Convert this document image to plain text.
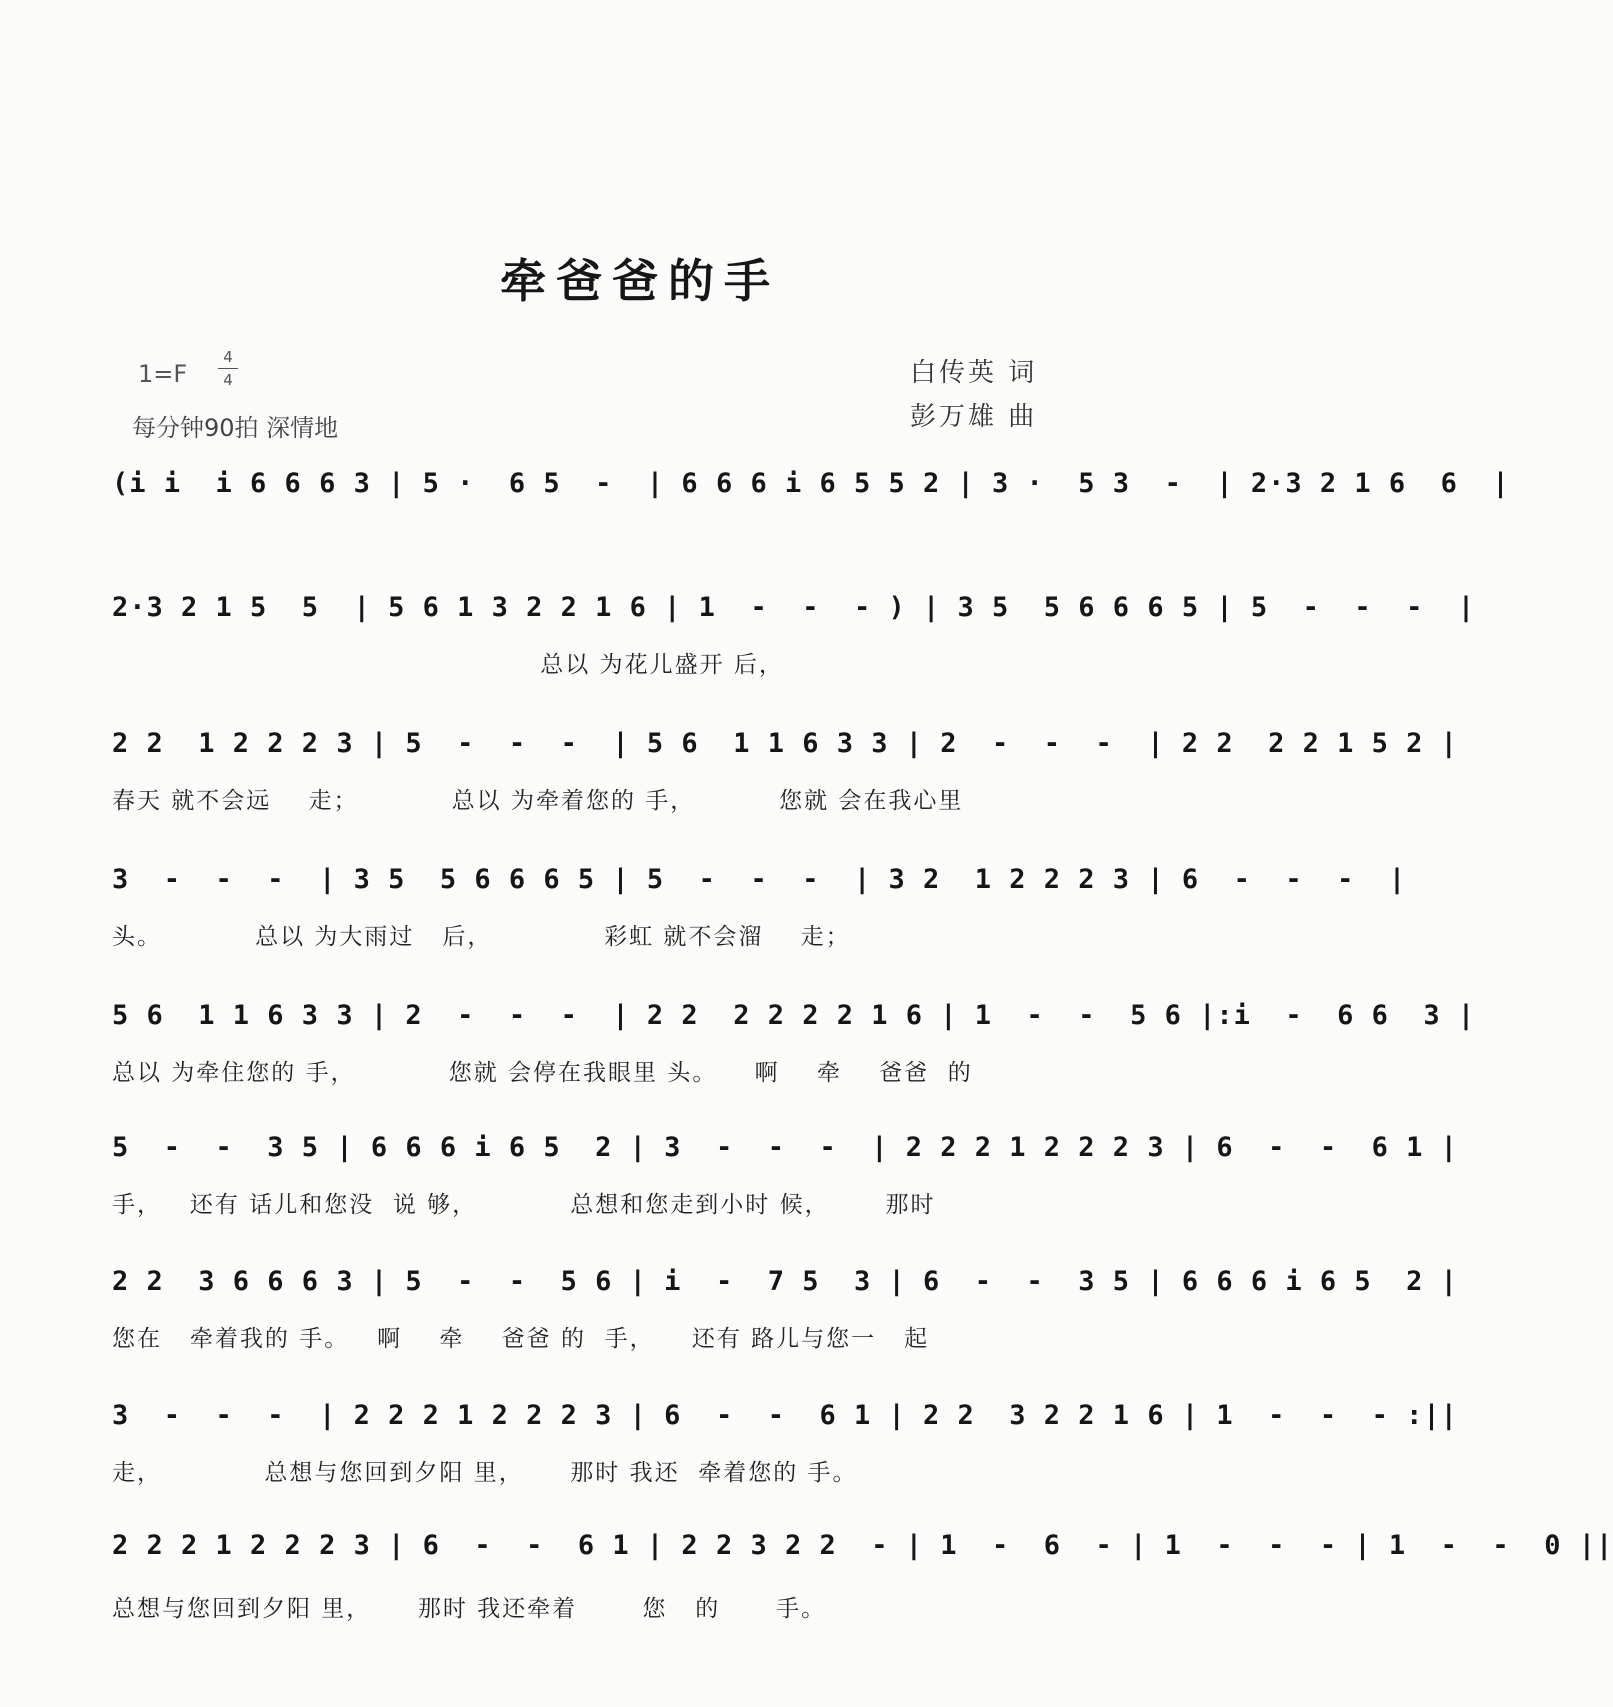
牵爸爸的手
1=F
4
4
每分钟90拍 深情地
白传英 词
彭万雄 曲
(i i  i 6 6 6 3 | 5 ·  6 5  -  | 6 6 6 i 6 5 5 2 | 3 ·  5 3  -  | 2·3 2 1 6  6  |
2·3 2 1 5  5  | 5 6 1 3 2 2 1 6 | 1  -  -  - ) | 3 5  5 6 6 6 5 | 5  -  -  -  |
总以 为花儿盛开 后，
2 2  1 2 2 2 3 | 5  -  -  -  | 5 6  1 1 6 3 3 | 2  -  -  -  | 2 2  2 2 1 5 2 |
春天 就不会远    走；          总以 为牵着您的 手，         您就 会在我心里
3  -  -  -  | 3 5  5 6 6 6 5 | 5  -  -  -  | 3 2  1 2 2 2 3 | 6  -  -  -  |
头。          总以 为大雨过   后，            彩虹 就不会溜    走；
5 6  1 1 6 3 3 | 2  -  -  -  | 2 2  2 2 2 2 1 6 | 1  -  -  5 6 |:i  -  6 6  3 |
总以 为牵住您的 手，          您就 会停在我眼里 头。    啊    牵    爸爸  的
5  -  -  3 5 | 6 6 6 i 6 5  2 | 3  -  -  -  | 2 2 2 1 2 2 2 3 | 6  -  -  6 1 |
手，   还有 话儿和您没  说 够，          总想和您走到小时 候，      那时
2 2  3 6 6 6 3 | 5  -  -  5 6 | i  -  7 5  3 | 6  -  -  3 5 | 6 6 6 i 6 5  2 |
您在   牵着我的 手。   啊    牵    爸爸 的  手，    还有 路儿与您一   起
3  -  -  -  | 2 2 2 1 2 2 2 3 | 6  -  -  6 1 | 2 2  3 2 2 1 6 | 1  -  -  - :||
走，           总想与您回到夕阳 里，     那时 我还  牵着您的 手。
2 2 2 1 2 2 2 3 | 6  -  -  6 1 | 2 2 3 2 2  - | 1  -  6  - | 1  -  -  - | 1  -  -  0 ||
总想与您回到夕阳 里，     那时 我还牵着       您   的      手。
